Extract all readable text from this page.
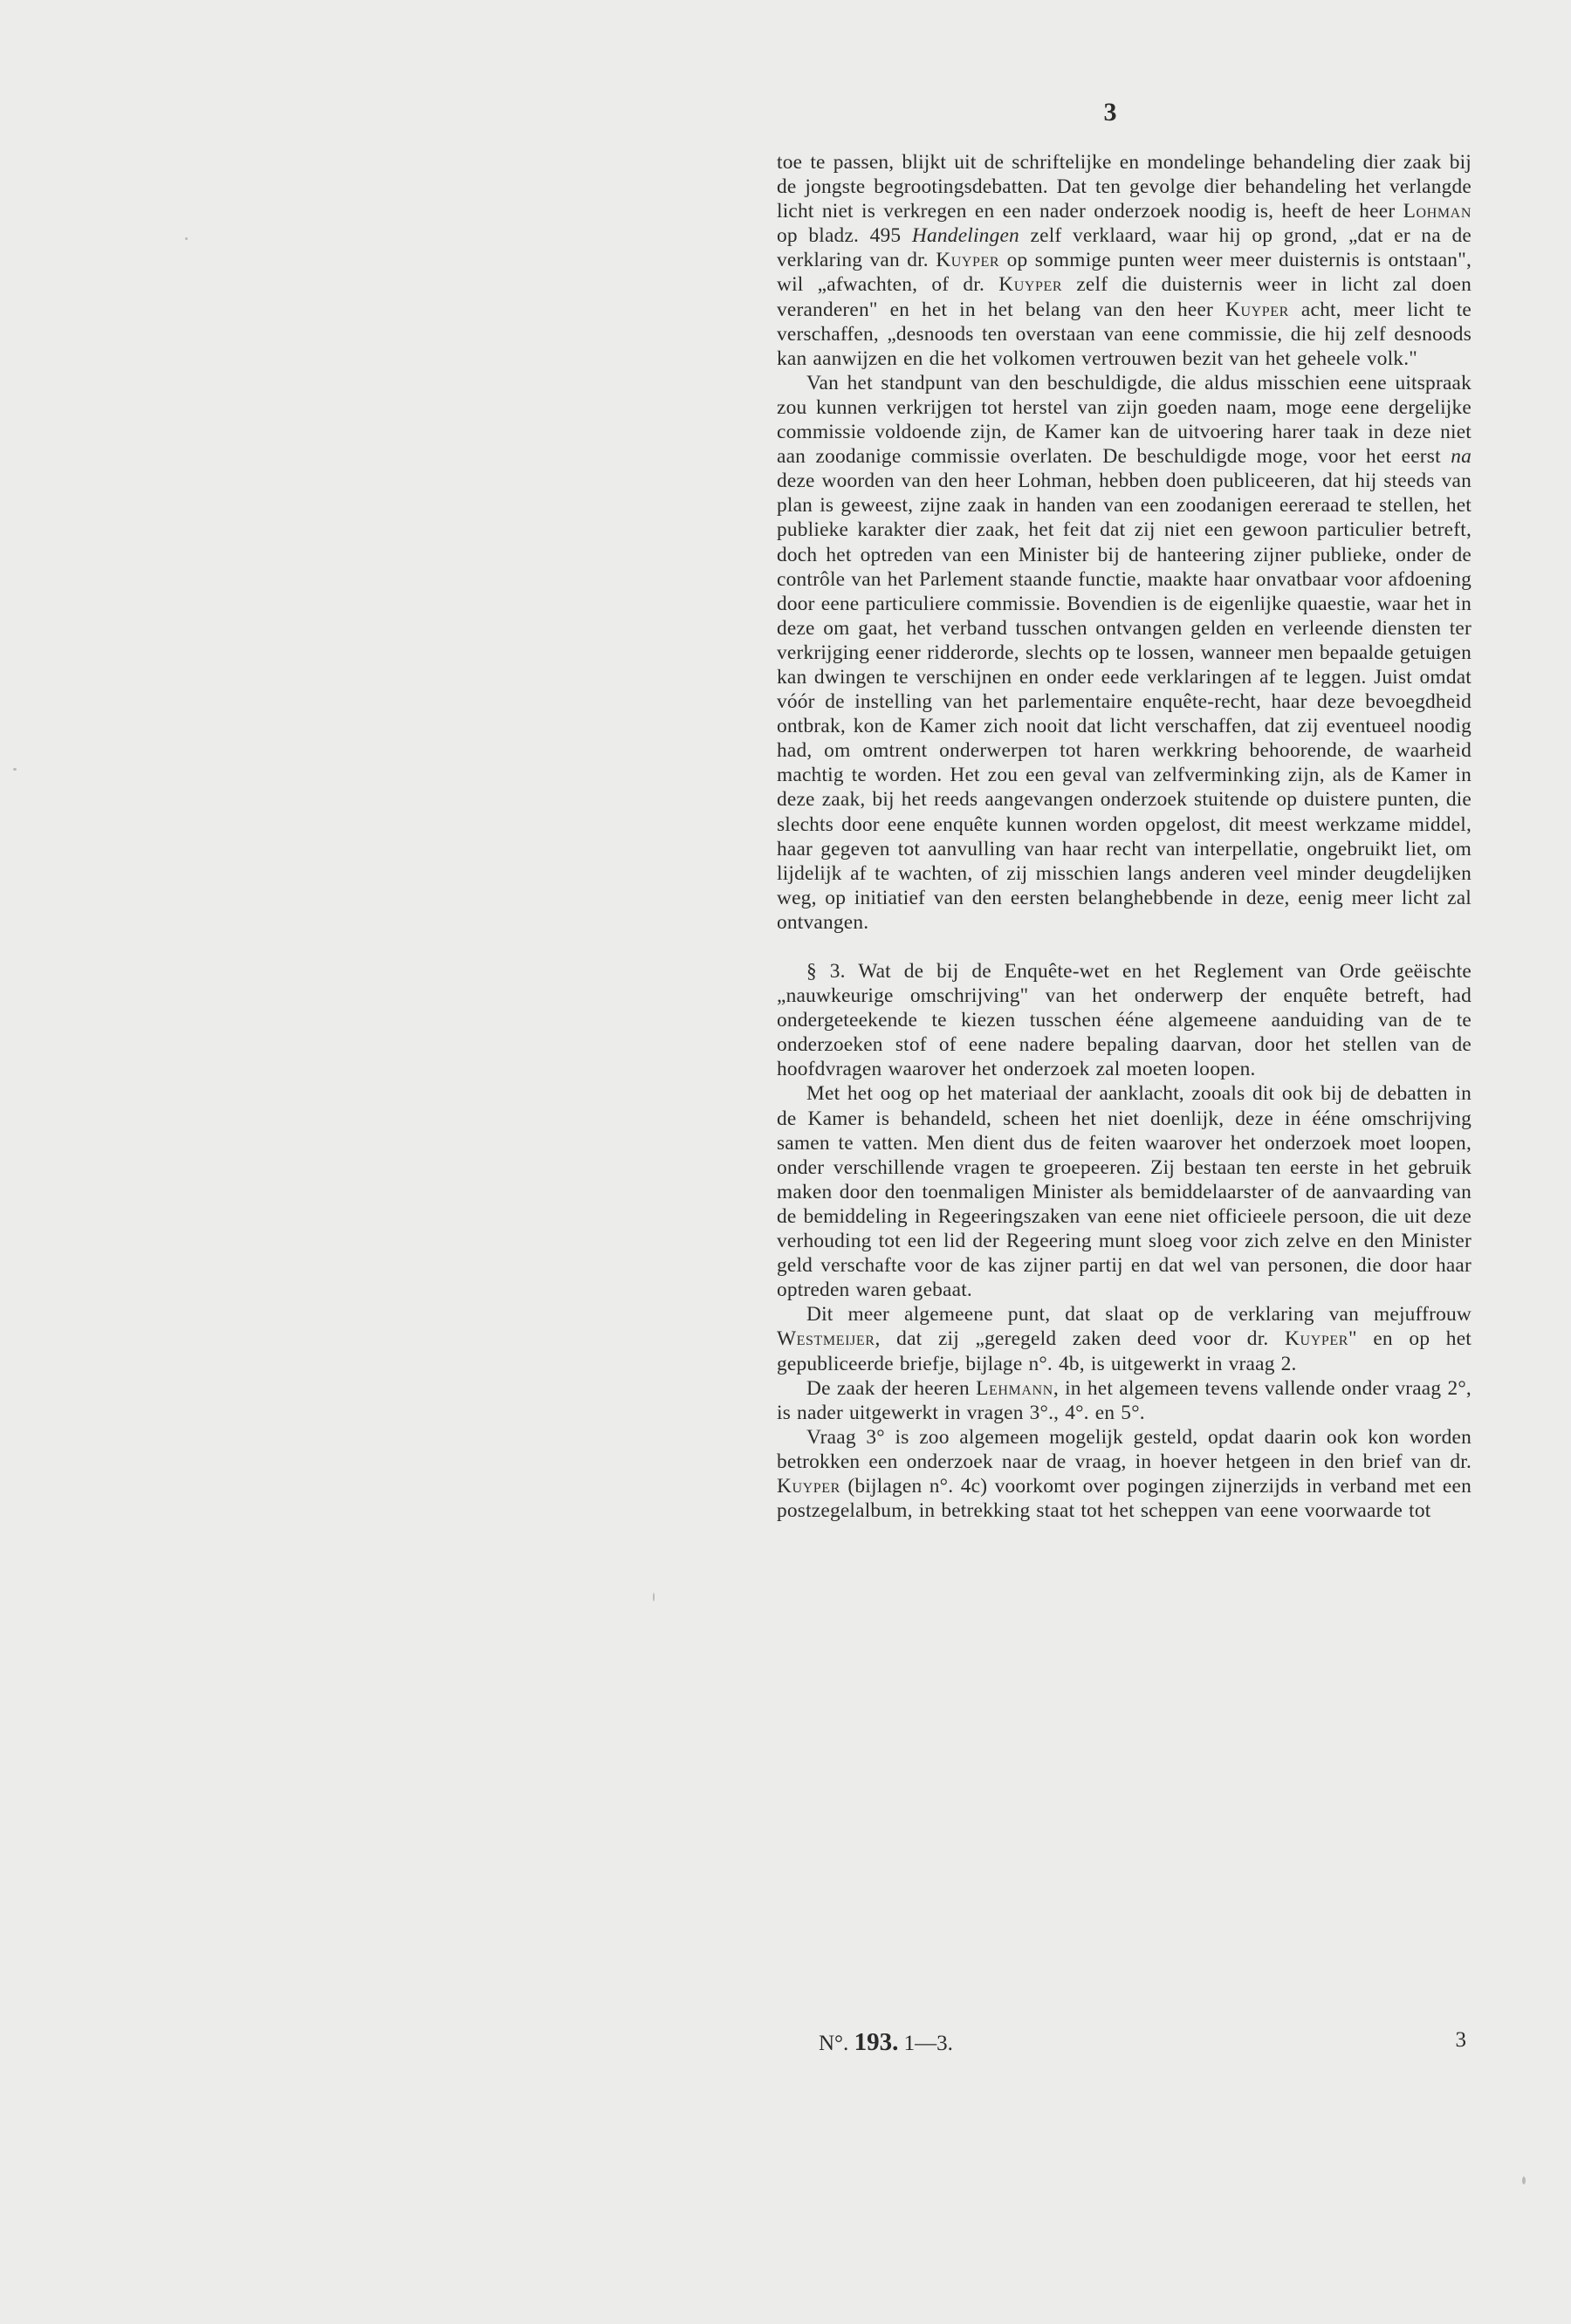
3

toe te passen, blijkt uit de schriftelijke en mondelinge behandeling dier zaak bij de jongste begrootingsdebatten. Dat ten gevolge dier behandeling het verlangde licht niet is verkregen en een nader onderzoek noodig is, heeft de heer Lohman op bladz. 495 Handelingen zelf verklaard, waar hij op grond, „dat er na de verklaring van dr. Kuyper op sommige punten weer meer duisternis is ontstaan", wil „afwachten, of dr. Kuyper zelf die duisternis weer in licht zal doen veranderen" en het in het belang van den heer Kuyper acht, meer licht te verschaffen, „desnoods ten overstaan van eene commissie, die hij zelf desnoods kan aanwijzen en die het volkomen vertrouwen bezit van het geheele volk."

Van het standpunt van den beschuldigde, die aldus misschien eene uitspraak zou kunnen verkrijgen tot herstel van zijn goeden naam, moge eene dergelijke commissie voldoende zijn, de Kamer kan de uitvoering harer taak in deze niet aan zoodanige commissie overlaten. De beschuldigde moge, voor het eerst na deze woorden van den heer Lohman, hebben doen publiceeren, dat hij steeds van plan is geweest, zijne zaak in handen van een zoodanigen eereraad te stellen, het publieke karakter dier zaak, het feit dat zij niet een gewoon particulier betreft, doch het optreden van een Minister bij de hanteering zijner publieke, onder de contrôle van het Parlement staande functie, maakte haar onvatbaar voor afdoening door eene particuliere commissie. Bovendien is de eigenlijke quaestie, waar het in deze om gaat, het verband tusschen ontvangen gelden en verleende diensten ter verkrijging eener ridderorde, slechts op te lossen, wanneer men bepaalde getuigen kan dwingen te verschijnen en onder eede verklaringen af te leggen. Juist omdat vóór de instelling van het parlementaire enquête-recht, haar deze bevoegdheid ontbrak, kon de Kamer zich nooit dat licht verschaffen, dat zij eventueel noodig had, om omtrent onderwerpen tot haren werkkring behoorende, de waarheid machtig te worden. Het zou een geval van zelfverminking zijn, als de Kamer in deze zaak, bij het reeds aangevangen onderzoek stuitende op duistere punten, die slechts door eene enquête kunnen worden opgelost, dit meest werkzame middel, haar gegeven tot aanvulling van haar recht van interpellatie, ongebruikt liet, om lijdelijk af te wachten, of zij misschien langs anderen veel minder deugdelijken weg, op initiatief van den eersten belanghebbende in deze, eenig meer licht zal ontvangen.

§ 3. Wat de bij de Enquête-wet en het Reglement van Orde geëischte „nauwkeurige omschrijving" van het onderwerp der enquête betreft, had ondergeteekende te kiezen tusschen ééne algemeene aanduiding van de te onderzoeken stof of eene nadere bepaling daarvan, door het stellen van de hoofdvragen waarover het onderzoek zal moeten loopen.

Met het oog op het materiaal der aanklacht, zooals dit ook bij de debatten in de Kamer is behandeld, scheen het niet doenlijk, deze in ééne omschrijving samen te vatten. Men dient dus de feiten waarover het onderzoek moet loopen, onder verschillende vragen te groepeeren. Zij bestaan ten eerste in het gebruik maken door den toenmaligen Minister als bemiddelaarster of de aanvaarding van de bemiddeling in Regeeringszaken van eene niet officieele persoon, die uit deze verhouding tot een lid der Regeering munt sloeg voor zich zelve en den Minister geld verschafte voor de kas zijner partij en dat wel van personen, die door haar optreden waren gebaat.

Dit meer algemeene punt, dat slaat op de verklaring van mejuffrouw Westmeijer, dat zij „geregeld zaken deed voor dr. Kuyper" en op het gepubliceerde briefje, bijlage n°. 4b, is uitgewerkt in vraag 2.

De zaak der heeren Lehmann, in het algemeen tevens vallende onder vraag 2°, is nader uitgewerkt in vragen 3°., 4°. en 5°.

Vraag 3° is zoo algemeen mogelijk gesteld, opdat daarin ook kon worden betrokken een onderzoek naar de vraag, in hoever hetgeen in den brief van dr. Kuyper (bijlagen n°. 4c) voorkomt over pogingen zijnerzijds in verband met een postzegelalbum, in betrekking staat tot het scheppen van eene voorwaarde tot

N°. 193. 1—3.	3
